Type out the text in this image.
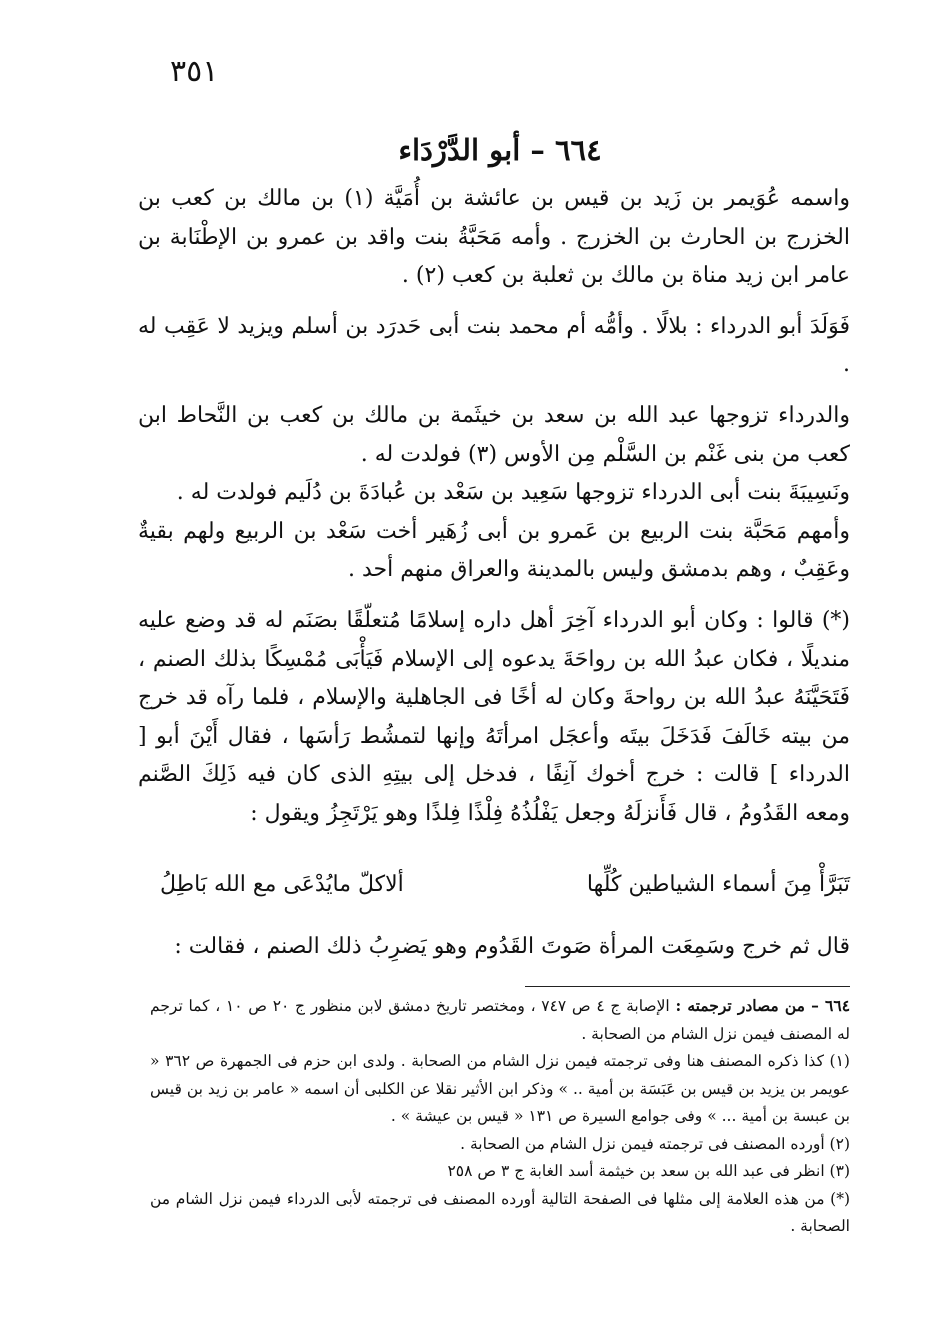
٣٥١
٦٦٤ – أبو الدَّرْدَاء

واسمه عُوَيمر بن زَيد بن قيس بن عائشة بن أُمَيَّة (١) بن مالك بن كعب بن الخزرج بن الحارث بن الخزرج . وأمه مَحَبَّةُ بنت واقد بن عمرو بن الإطْنَابة بن عامر ابن زيد مناة بن مالك بن ثعلبة بن كعب (٢) .

فَوَلَدَ أبو الدرداء : بلالًا . وأمُّه أم محمد بنت أبى حَدرَد بن أسلم ويزيد لا عَقِب له .

والدرداء تزوجها عبد الله بن سعد بن خيثَمة بن مالك بن كعب بن النَّحاط ابن كعب من بنى غَنْم بن السَّلْم مِن الأوس (٣) فولدت له .

ونَسِيبَةَ بنت أبى الدرداء تزوجها سَعِيد بن سَعْد بن عُبادَةَ بن دُلَيم فولدت له .

وأمهم مَحَبَّة بنت الربيع بن عَمرو بن أبى زُهَير أخت سَعْد بن الربيع ولهم بقيةٌ وعَقِبٌ ، وهم بدمشق وليس بالمدينة والعراق منهم أحد .

(*) قالوا : وكان أبو الدرداء آخِرَ أهل داره إسلامًا مُتعلّقًا بصَنَم له قد وضع عليه منديلًا ، فكان عبدُ الله بن رواحَةَ يدعوه إلى الإسلام فَيَأْبَى مُمْسِكًا بذلك الصنم ، فَتَحَيَّنَهُ عبدُ الله بن رواحةَ وكان له أخًا فى الجاهلية والإسلام ، فلما رآه قد خرج من بيته خَالَفَ فَدَخَلَ بيتَه وأعجَل امرأتَهُ وإنها لتمشُط رَأسَها ، فقال أَيْنَ أبو [ الدرداء ] قالت : خرج أخوك آنِفًا ، فدخل إلى بيتِهِ الذى كان فيه ذَلِكَ الصَّنم ومعه القَدُومُ ، قال فَأَنزلَهُ وجعل يَفْلُذُهُ فِلْذًا فِلذًا وهو يَرْتَجِزُ ويقول :

تَبَرَّأْ مِنَ أسماء الشياطين كُلِّها
ألاكلّ مايُدْعَى مع الله بَاطِلُ
قال ثم خرج وسَمِعَت المرأة صَوتَ القَدُوم وهو يَضرِبُ ذلك الصنم ، فقالت :

٦٦٤ – من مصادر ترجمته : الإصابة ج ٤ ص ٧٤٧ ، ومختصر تاريخ دمشق لابن منظور ج ٢٠ ص ١٠ ، كما ترجم له المصنف فيمن نزل الشام من الصحابة .

(١) كذا ذكره المصنف هنا وفى ترجمته فيمن نزل الشام من الصحابة . ولدى ابن حزم فى الجمهرة ص ٣٦٢ « عويمر بن يزيد بن قيس بن عَبَسَة بن أمية .. » وذكر ابن الأثير نقلا عن الكلبى أن اسمه « عامر بن زيد بن قيس بن عبسة بن أمية ... » وفى جوامع السيرة ص ١٣١ « قيس بن عيشة » .

(٢) أورده المصنف فى ترجمته فيمن نزل الشام من الصحابة .

(٣) انظر فى عبد الله بن سعد بن خيثمة أسد الغابة ج ٣ ص ٢٥٨

(*) من هذه العلامة إلى مثلها فى الصفحة التالية أورده المصنف فى ترجمته لأبى الدرداء فيمن نزل الشام من الصحابة .
